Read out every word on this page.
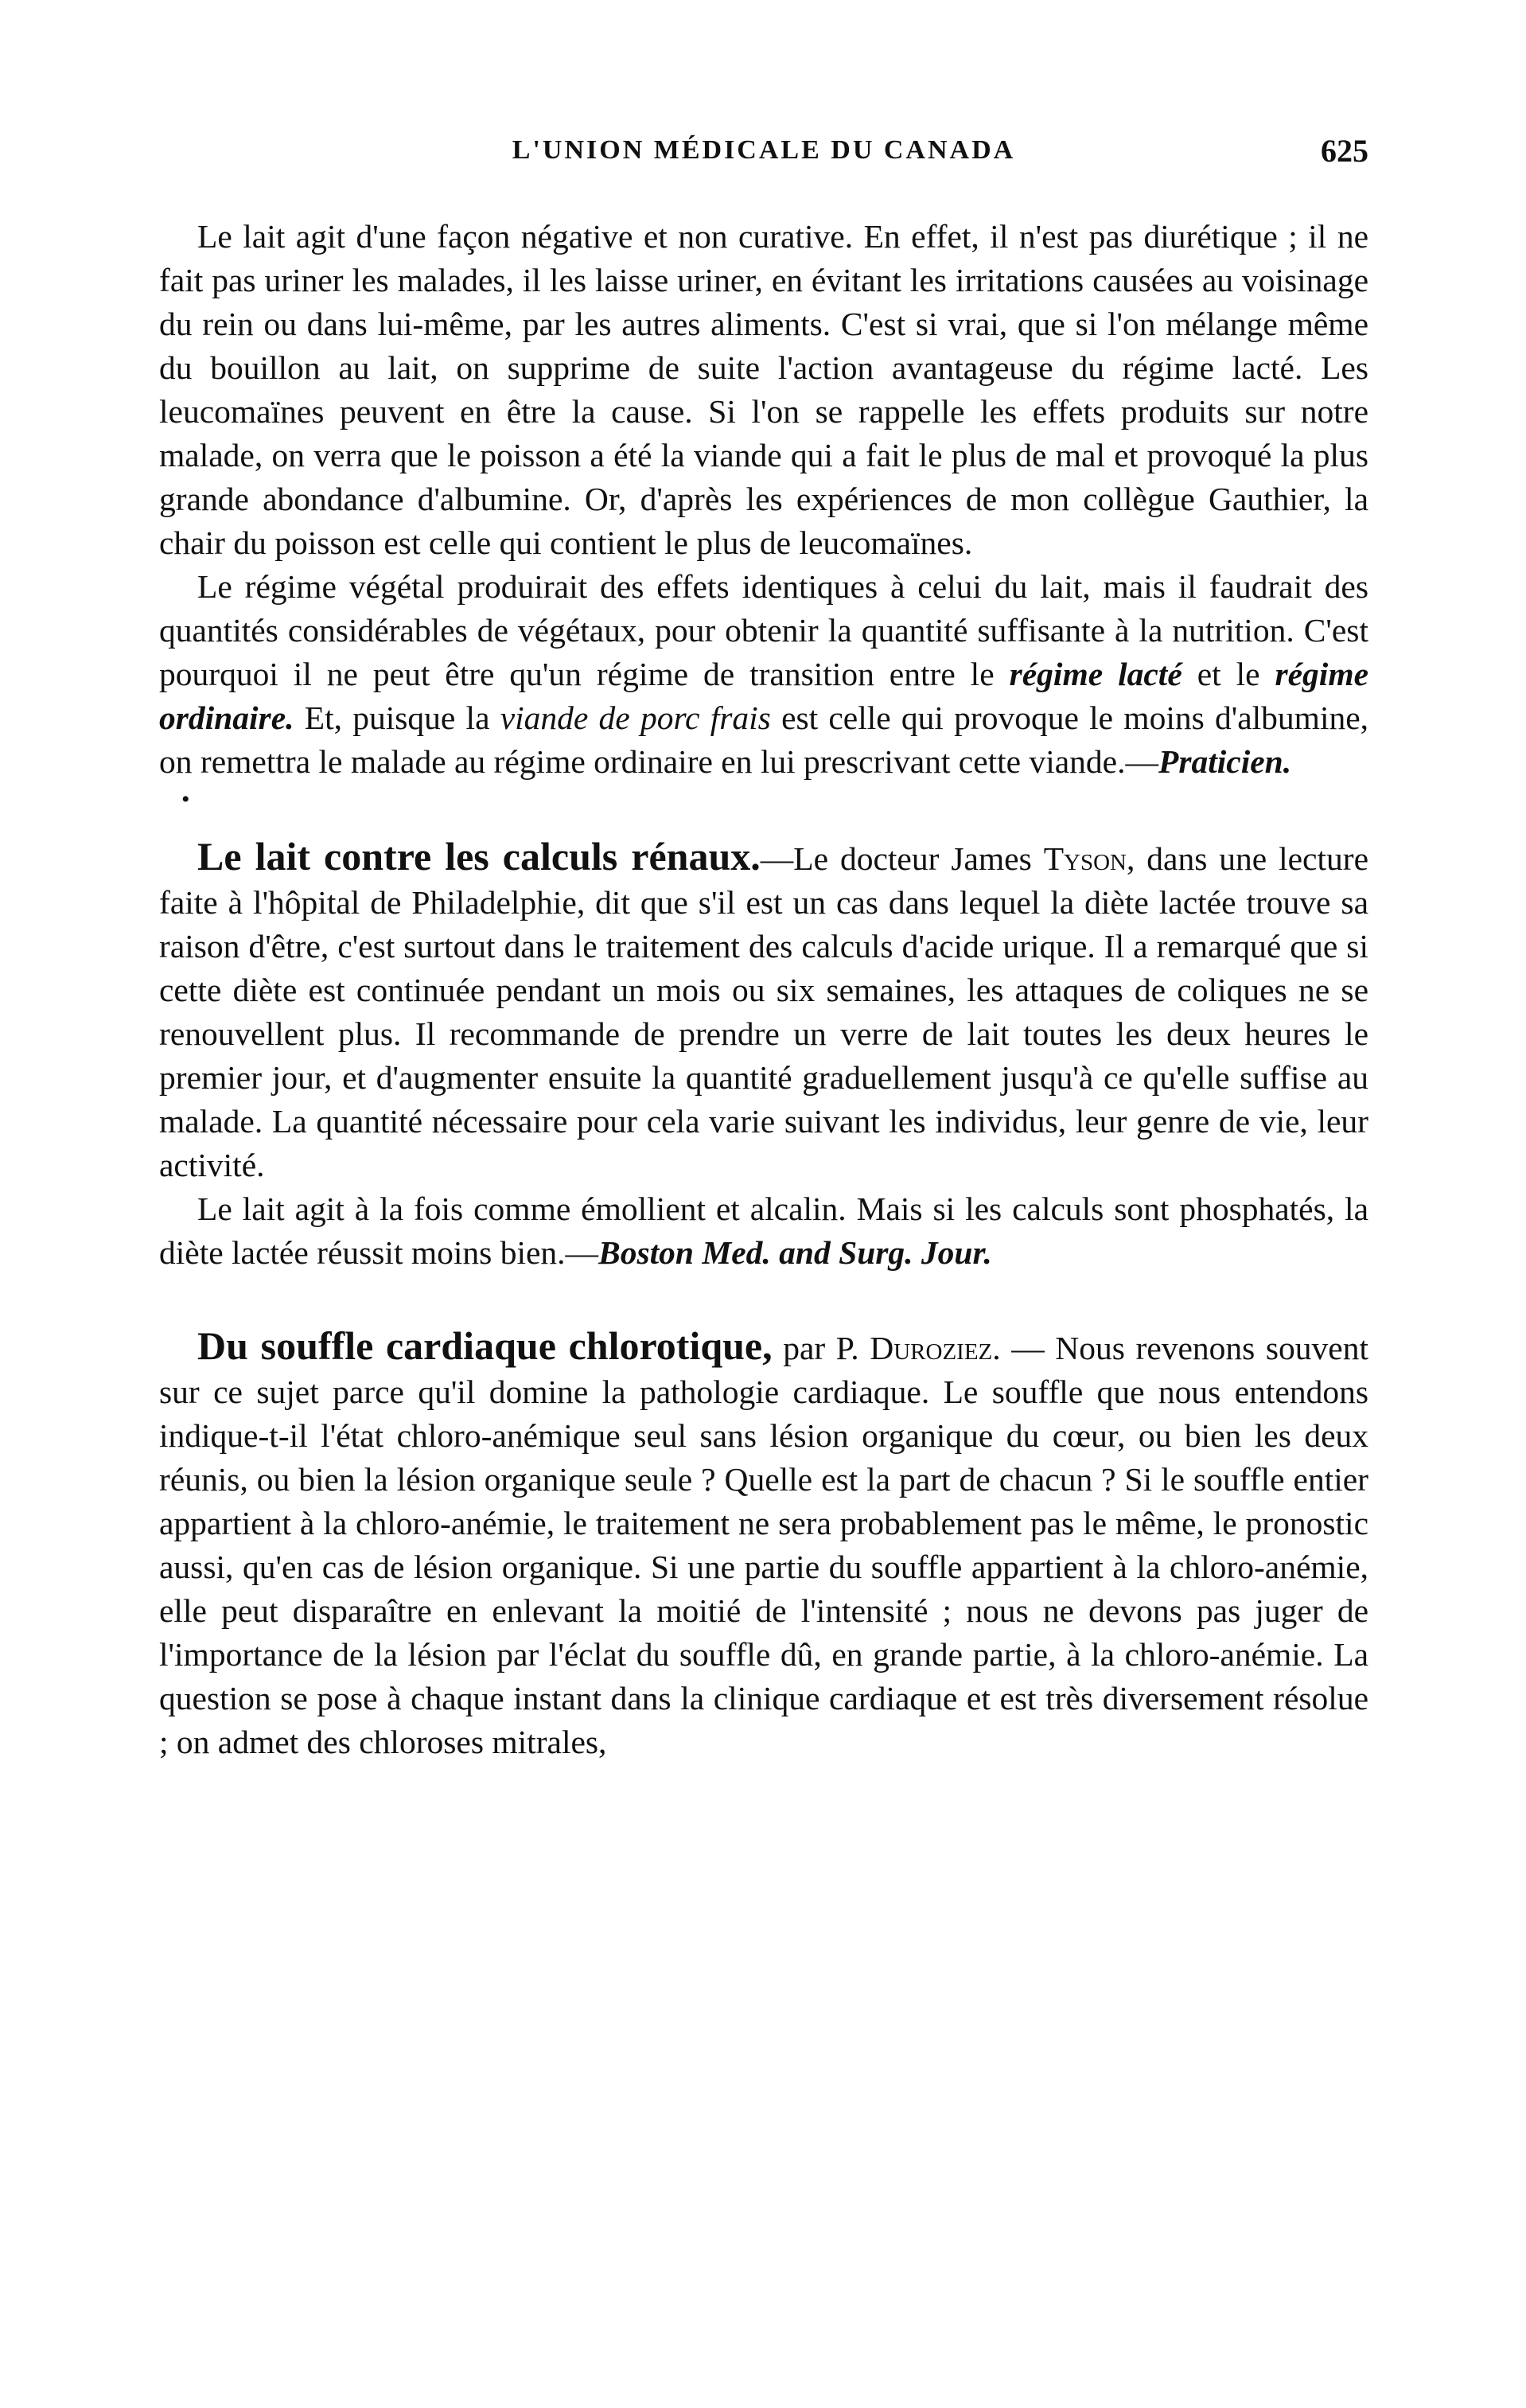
L'UNION MÉDICALE DU CANADA	625

Le lait agit d'une façon négative et non curative. En effet, il n'est pas diurétique ; il ne fait pas uriner les malades, il les laisse uriner, en évitant les irritations causées au voisinage du rein ou dans lui-même, par les autres aliments. C'est si vrai, que si l'on mélange même du bouillon au lait, on supprime de suite l'action avantageuse du régime lacté. Les leucomaïnes peuvent en être la cause. Si l'on se rappelle les effets produits sur notre malade, on verra que le poisson a été la viande qui a fait le plus de mal et provoqué la plus grande abondance d'albumine. Or, d'après les expériences de mon collègue Gauthier, la chair du poisson est celle qui contient le plus de leucomaïnes.

Le régime végétal produirait des effets identiques à celui du lait, mais il faudrait des quantités considérables de végétaux, pour obtenir la quantité suffisante à la nutrition. C'est pourquoi il ne peut être qu'un régime de transition entre le régime lacté et le régime ordinaire. Et, puisque la viande de porc frais est celle qui provoque le moins d'albumine, on remettra le malade au régime ordinaire en lui prescrivant cette viande.—Praticien.

•

Le lait contre les calculs rénaux.—Le docteur James Tyson, dans une lecture faite à l'hôpital de Philadelphie, dit que s'il est un cas dans lequel la diète lactée trouve sa raison d'être, c'est surtout dans le traitement des calculs d'acide urique. Il a remarqué que si cette diète est continuée pendant un mois ou six semaines, les attaques de coliques ne se renouvellent plus. Il recommande de prendre un verre de lait toutes les deux heures le premier jour, et d'augmenter ensuite la quantité graduellement jusqu'à ce qu'elle suffise au malade. La quantité nécessaire pour cela varie suivant les individus, leur genre de vie, leur activité.

Le lait agit à la fois comme émollient et alcalin. Mais si les calculs sont phosphatés, la diète lactée réussit moins bien.—Boston Med. and Surg. Jour.

Du souffle cardiaque chlorotique, par P. Duroziez. — Nous revenons souvent sur ce sujet parce qu'il domine la pathologie cardiaque. Le souffle que nous entendons indique-t-il l'état chloro-anémique seul sans lésion organique du cœur, ou bien les deux réunis, ou bien la lésion organique seule ? Quelle est la part de chacun ? Si le souffle entier appartient à la chloro-anémie, le traitement ne sera probablement pas le même, le pronostic aussi, qu'en cas de lésion organique. Si une partie du souffle appartient à la chloro-anémie, elle peut disparaître en enlevant la moitié de l'intensité ; nous ne devons pas juger de l'importance de la lésion par l'éclat du souffle dû, en grande partie, à la chloro-anémie. La question se pose à chaque instant dans la clinique cardiaque et est très diversement résolue ; on admet des chloroses mitrales,
